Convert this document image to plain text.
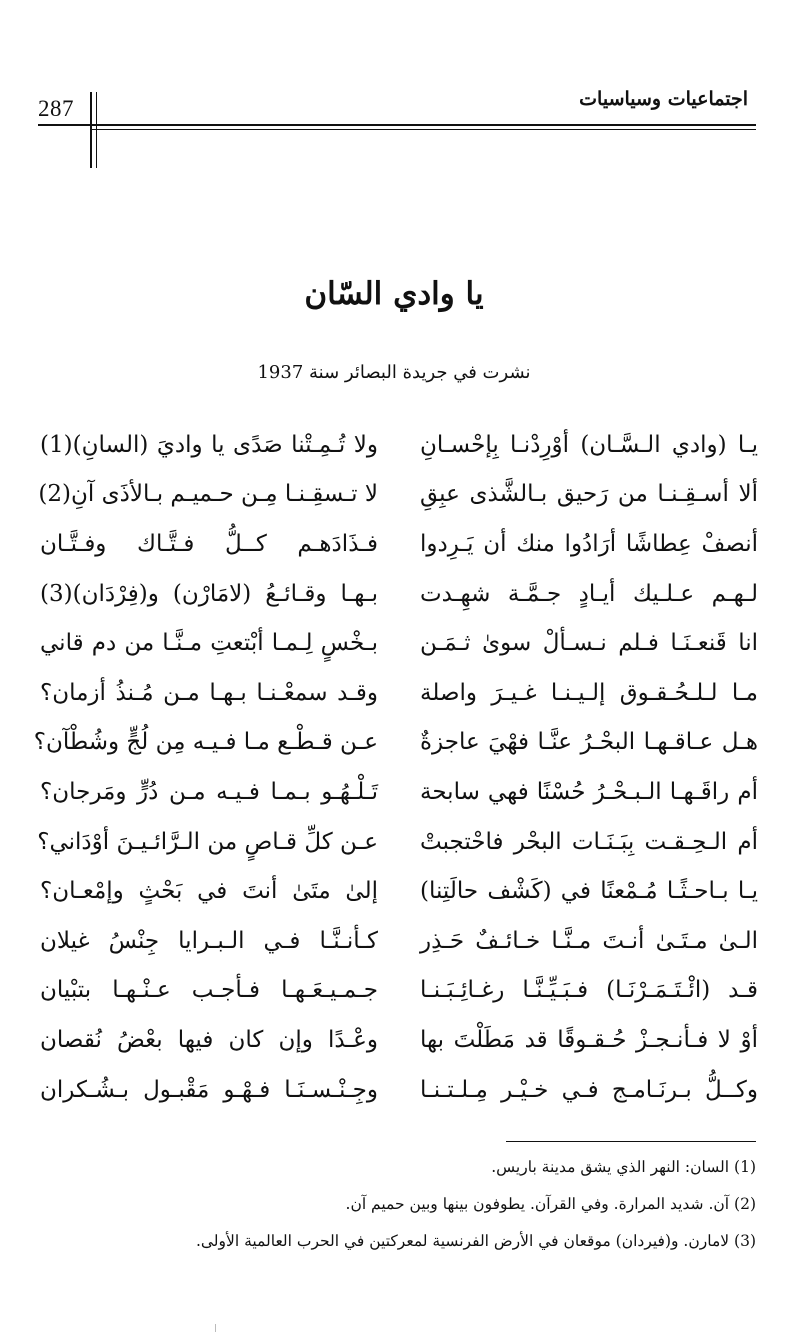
287	اجتماعيات وسياسيات
يا وادي السّان
نشرت في جريدة البصائر سنة 1937
يـا (وادي الـسَّـان) أوْرِدْنـا بِإحْسـانِ
ولا تُـمِـتْنا صَدًى يا واديَ (السانِ)(1)
ألا أسـقِـنـا من رَحيق بـالشَّذى عبِقِ
لا تـسقِـنـا مِـن حـميـم بـالأذَى آنِ(2)
أنصفْ عِطاشًا أرَادُوا منك أن يَـرِدوا
فـذَادَهـم كــلُّ فـتَّـاك وفـتَّـان
لـهـم عـلـيك أيـادٍ جـمَّـة شهِـدت
بـهـا وقـائـعُ (لامَارْن) و(فِرْدَان)(3)
انا قَنعـنَـا فـلم نـسـألْ سوىٰ ثـمَـن
بـخْسٍ لِـمـا أبْتعتِ مـنَّـا من دم قاني
مـا لـلـحُـقـوق إلـيـنـا غـيـرَ واصلة
وقـد سمعْـنـا بـهـا مـن مُـنذُ أزمان؟
هـل عـاقـهـا البحْـرُ عنَّـا فهْيَ عاجزةٌ
عـن قـطْـع مـا فـيـه مِن لُجٍّ وشُطْآن؟
أم راقَـهـا الـبـحْـرُ حُسْنًا فهي سابحة
تَـلْـهُـو بـمـا فـيـه مـن دُرٍّ ومَرجان؟
أم الـحِـقـت بِبَـنَـات البحْر فاحْتجبتْ
عـن كلِّ قـاصٍ من الـرَّائـيـنَ أوْدَاني؟
يـا بـاحـثًـا مُـمْعنًا في (كَشْف حالَتِنا)
إلىٰ متَىٰ أنتَ في بَحْثٍ وإمْعـان؟
الـىٰ مـتَـىٰ أنـتَ مـنَّـا خـائـفٌ حَـذِر
كـأنـنَّـا فـي الـبـرايا جِنْسُ غيلان
قـد (ائْـتَـمَـرْنَـا) فـبَـيِّـنَّـا رغـائِـبَـنـا
جـمـيـعَـهـا فـأجـب عـنْـهـا بتبْيان
أوْ لا فـأنـجـزْ حُـقـوقًا قد مَطَلْتَ بها
وعْـدًا وإن كان فيها بعْضُ نُقصان
وكــلُّ بـرنَـامـج فـي خـيْـر مِـلـتـنـا
وجِـنْـسـنَـا فـهْـو مَقْبـول بـشُـكران
(1) السان: النهر الذي يشق مدينة باريس.
(2) آن. شديد المرارة. وفي القرآن. يطوفون بينها وبين حميم آن.
(3) لامارن. و(فيردان) موقعان في الأرض الفرنسية لمعركتين في الحرب العالمية الأولى.
